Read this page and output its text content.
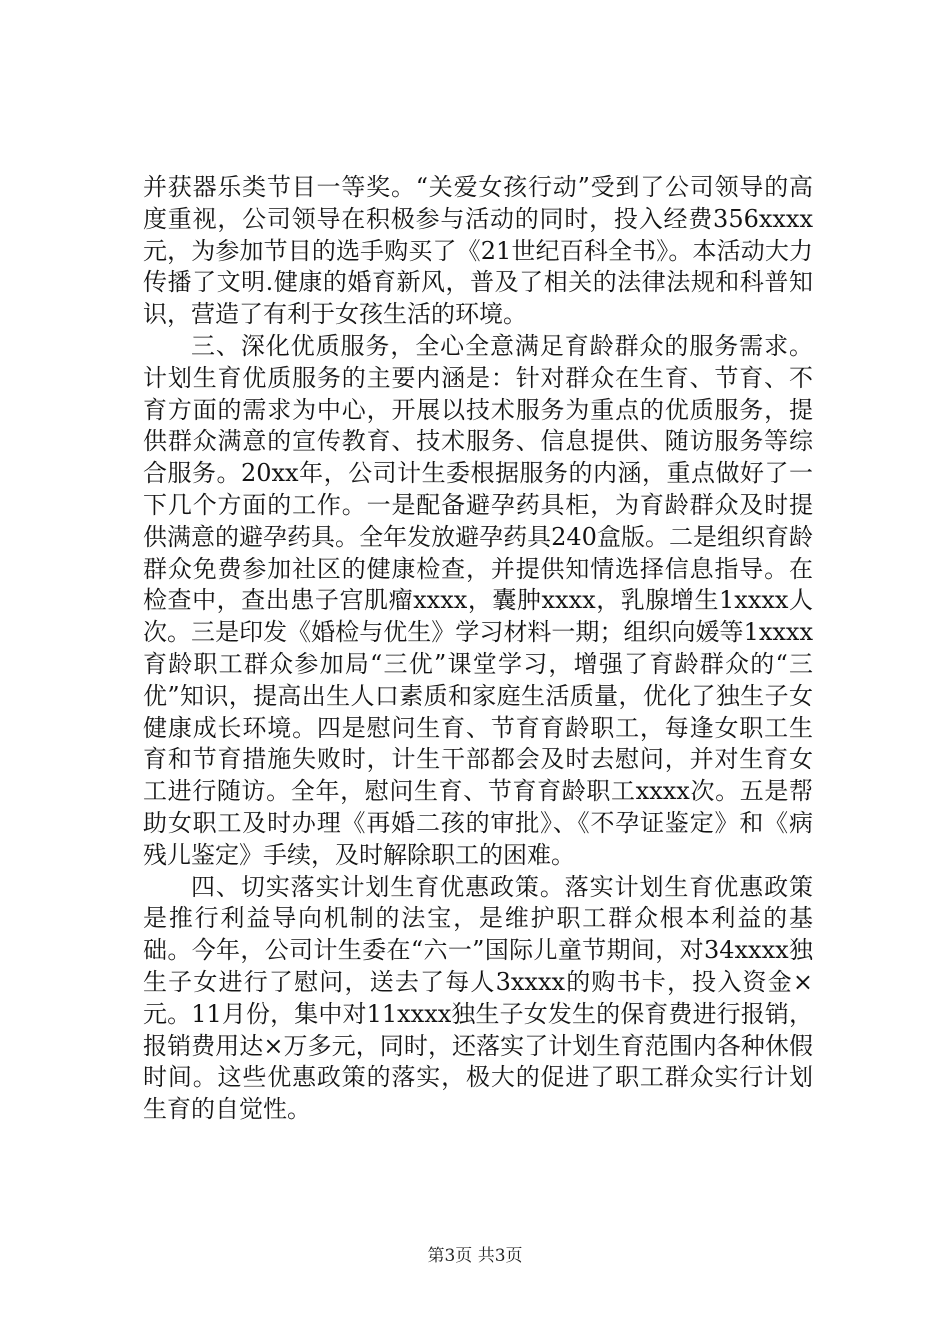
并获器乐类节目一等奖。“关爱女孩行动”受到了公司领导的高度重视，公司领导在积极参与活动的同时，投入经费356xxxx元，为参加节目的选手购买了《21世纪百科全书》。本活动大力传播了文明.健康的婚育新风，普及了相关的法律法规和科普知识，营造了有利于女孩生活的环境。

三、深化优质服务，全心全意满足育龄群众的服务需求。计划生育优质服务的主要内涵是：针对群众在生育、节育、不育方面的需求为中心，开展以技术服务为重点的优质服务，提供群众满意的宣传教育、技术服务、信息提供、随访服务等综合服务。20xx年，公司计生委根据服务的内涵，重点做好了一下几个方面的工作。一是配备避孕药具柜，为育龄群众及时提供满意的避孕药具。全年发放避孕药具240盒版。二是组织育龄群众免费参加社区的健康检查，并提供知情选择信息指导。在检查中，查出患子宫肌瘤xxxx，囊肿xxxx，乳腺增生1xxxx人次。三是印发《婚检与优生》学习材料一期；组织向媛等1xxxx育龄职工群众参加局“三优”课堂学习，增强了育龄群众的“三优”知识，提高出生人口素质和家庭生活质量，优化了独生子女健康成长环境。四是慰问生育、节育育龄职工，每逢女职工生育和节育措施失败时，计生干部都会及时去慰问，并对生育女工进行随访。全年，慰问生育、节育育龄职工xxxx次。五是帮助女职工及时办理《再婚二孩的审批》、《不孕证鉴定》和《病残儿鉴定》手续，及时解除职工的困难。

四、切实落实计划生育优惠政策。落实计划生育优惠政策是推行利益导向机制的法宝，是维护职工群众根本利益的基础。今年，公司计生委在“六一”国际儿童节期间，对34xxxx独生子女进行了慰问，送去了每人3xxxx的购书卡，投入资金×元。11月份，集中对11xxxx独生子女发生的保育费进行报销，报销费用达×万多元，同时，还落实了计划生育范围内各种休假时间。这些优惠政策的落实，极大的促进了职工群众实行计划生育的自觉性。

第3页 共3页
